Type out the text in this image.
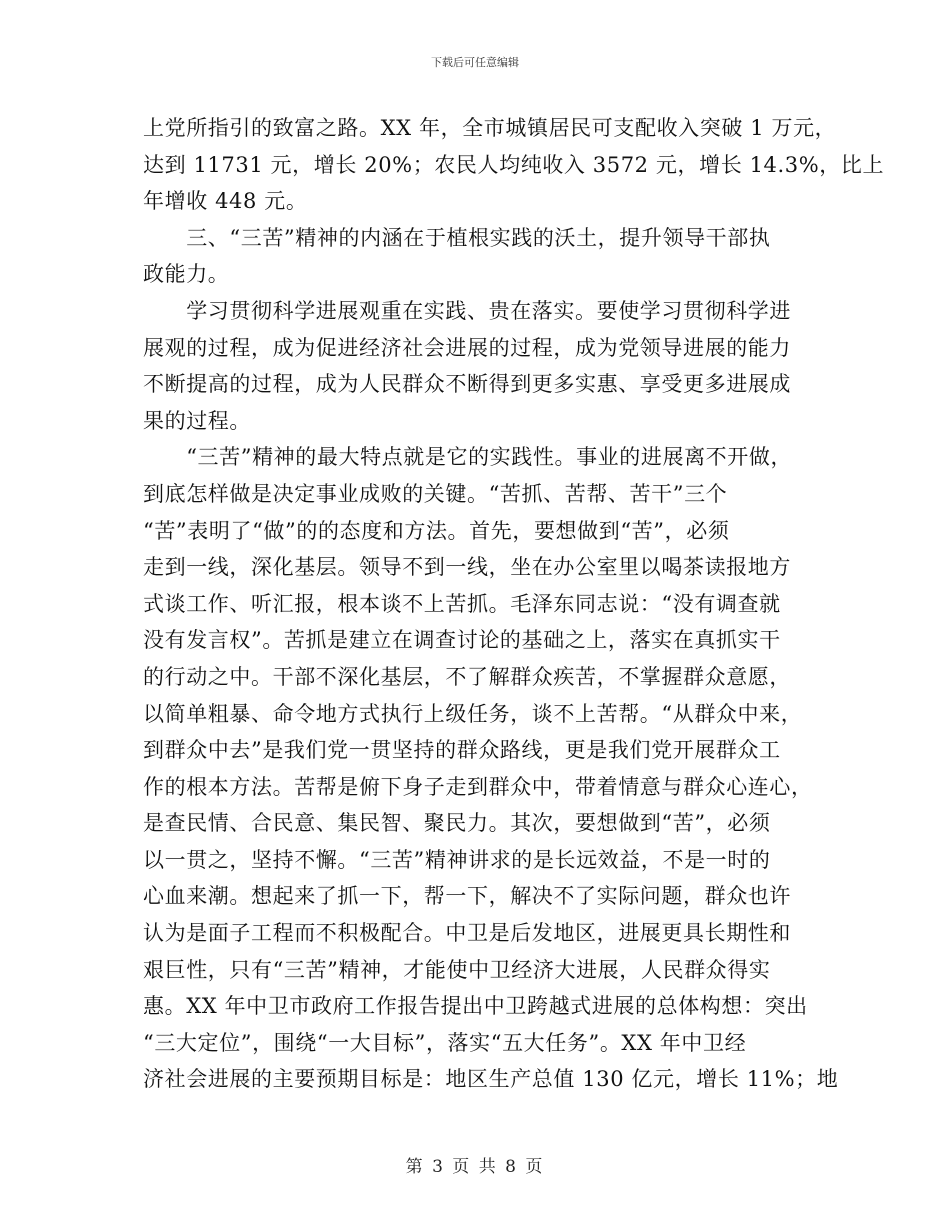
下载后可任意编辑
上党所指引的致富之路。XX 年，全市城镇居民可支配收入突破 1 万元，
达到 11731 元，增长 20%；农民人均纯收入 3572 元，增长 14.3%，比上
年增收 448 元。
　　三、“三苦”精神的内涵在于植根实践的沃土，提升领导干部执
政能力。
　　学习贯彻科学进展观重在实践、贵在落实。要使学习贯彻科学进
展观的过程，成为促进经济社会进展的过程，成为党领导进展的能力
不断提高的过程，成为人民群众不断得到更多实惠、享受更多进展成
果的过程。
　　“三苦”精神的最大特点就是它的实践性。事业的进展离不开做，
到底怎样做是决定事业成败的关键。“苦抓、苦帮、苦干”三个
“苦”表明了“做”的的态度和方法。首先，要想做到“苦”，必须
走到一线，深化基层。领导不到一线，坐在办公室里以喝茶读报地方
式谈工作、听汇报，根本谈不上苦抓。毛泽东同志说：“没有调查就
没有发言权”。苦抓是建立在调查讨论的基础之上，落实在真抓实干
的行动之中。干部不深化基层，不了解群众疾苦，不掌握群众意愿，
以简单粗暴、命令地方式执行上级任务，谈不上苦帮。“从群众中来，
到群众中去”是我们党一贯坚持的群众路线，更是我们党开展群众工
作的根本方法。苦帮是俯下身子走到群众中，带着情意与群众心连心，
是查民情、合民意、集民智、聚民力。其次，要想做到“苦”，必须
以一贯之，坚持不懈。“三苦”精神讲求的是长远效益，不是一时的
心血来潮。想起来了抓一下，帮一下，解决不了实际问题，群众也许
认为是面子工程而不积极配合。中卫是后发地区，进展更具长期性和
艰巨性，只有“三苦”精神，才能使中卫经济大进展，人民群众得实
惠。XX 年中卫市政府工作报告提出中卫跨越式进展的总体构想：突出
“三大定位”，围绕“一大目标”，落实“五大任务”。XX 年中卫经
济社会进展的主要预期目标是：地区生产总值 130 亿元，增长 11%；地
第 3 页 共 8 页
